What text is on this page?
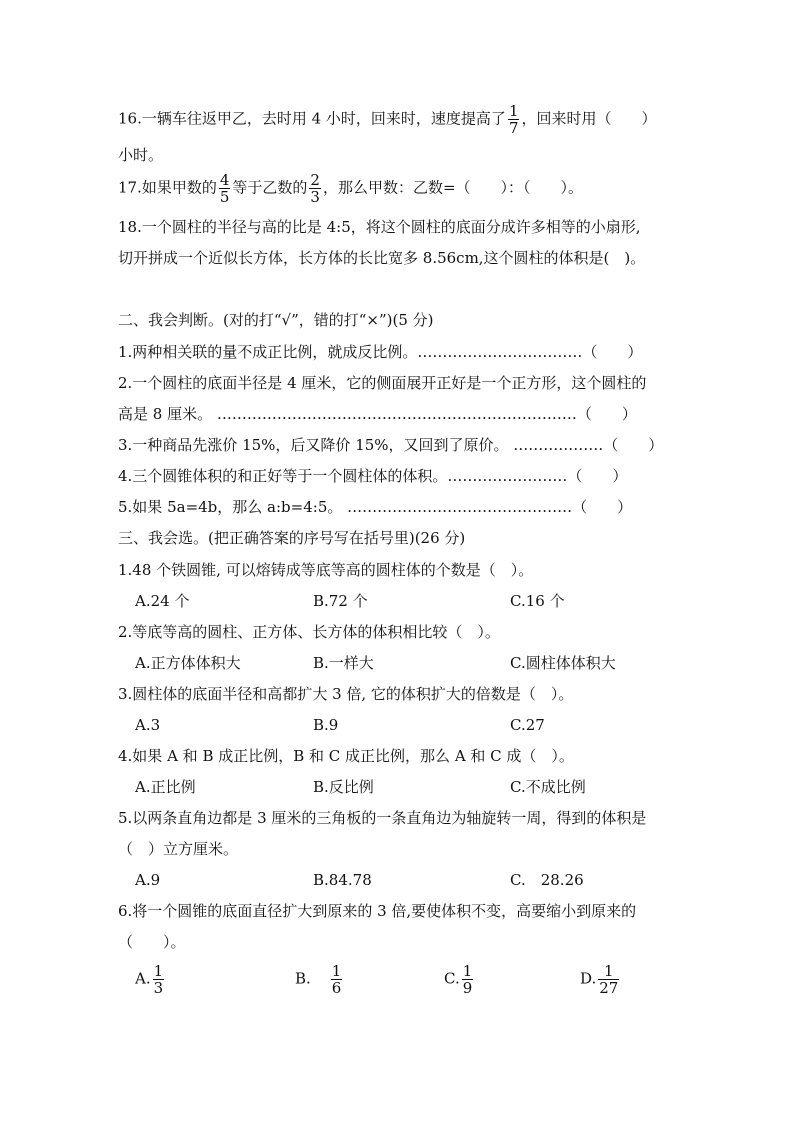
16.一辆车往返甲乙，去时用 4 小时，回来时，速度提高了 $\frac{1}{7}$ ，回来时用（　　）
小时。
17.如果甲数的 $\frac{4}{5}$ 等于乙数的 $\frac{2}{3}$ ，那么甲数：乙数=（　　）：（　　）。
18.一个圆柱的半径与高的比是 4:5，将这个圆柱的底面分成许多相等的小扇形,
切开拼成一个近似长方体，长方体的长比宽多 8.56cm,这个圆柱的体积是(　)。
二、我会判断。(对的打“√”，错的打“×”)(5 分)
1.两种相关联的量不成正比例，就成反比例。……………………………（　　）
2.一个圆柱的底面半径是 4 厘米，它的侧面展开正好是一个正方形，这个圆柱的
高是 8 厘米。 ………………………………………………………………（　　）
3.一种商品先涨价 15%，后又降价 15%，又回到了原价。 ………………（　　）
4.三个圆锥体积的和正好等于一个圆柱体的体积。……………………（　　）
5.如果 5a=4b，那么 a:b=4:5。 ………………………………………（　　）
三、我会选。(把正确答案的序号写在括号里)(26 分)
1.48 个铁圆锥, 可以熔铸成等底等高的圆柱体的个数是（　）。
A.24 个	B.72 个	C.16 个
2.等底等高的圆柱、正方体、长方体的体积相比较（　）。
A.正方体体积大	B.一样大	C.圆柱体体积大
3.圆柱体的底面半径和高都扩大 3 倍, 它的体积扩大的倍数是（　）。
A.3	B.9	C.27
4.如果 A 和 B 成正比例，B 和 C 成正比例，那么 A 和 C 成（　）。
A.正比例	B.反比例	C.不成比例
5.以两条直角边都是 3 厘米的三角板的一条直角边为轴旋转一周，得到的体积是
（　）立方厘米。
A.9	B.84.78	C.　28.26
6.将一个圆锥的底面直径扩大到原来的 3 倍,要使体积不变，高要缩小到原来的
（　　）。
A. $\frac{1}{3}$	B. $\frac{1}{6}$	C. $\frac{1}{9}$	D. $\frac{1}{27}$
